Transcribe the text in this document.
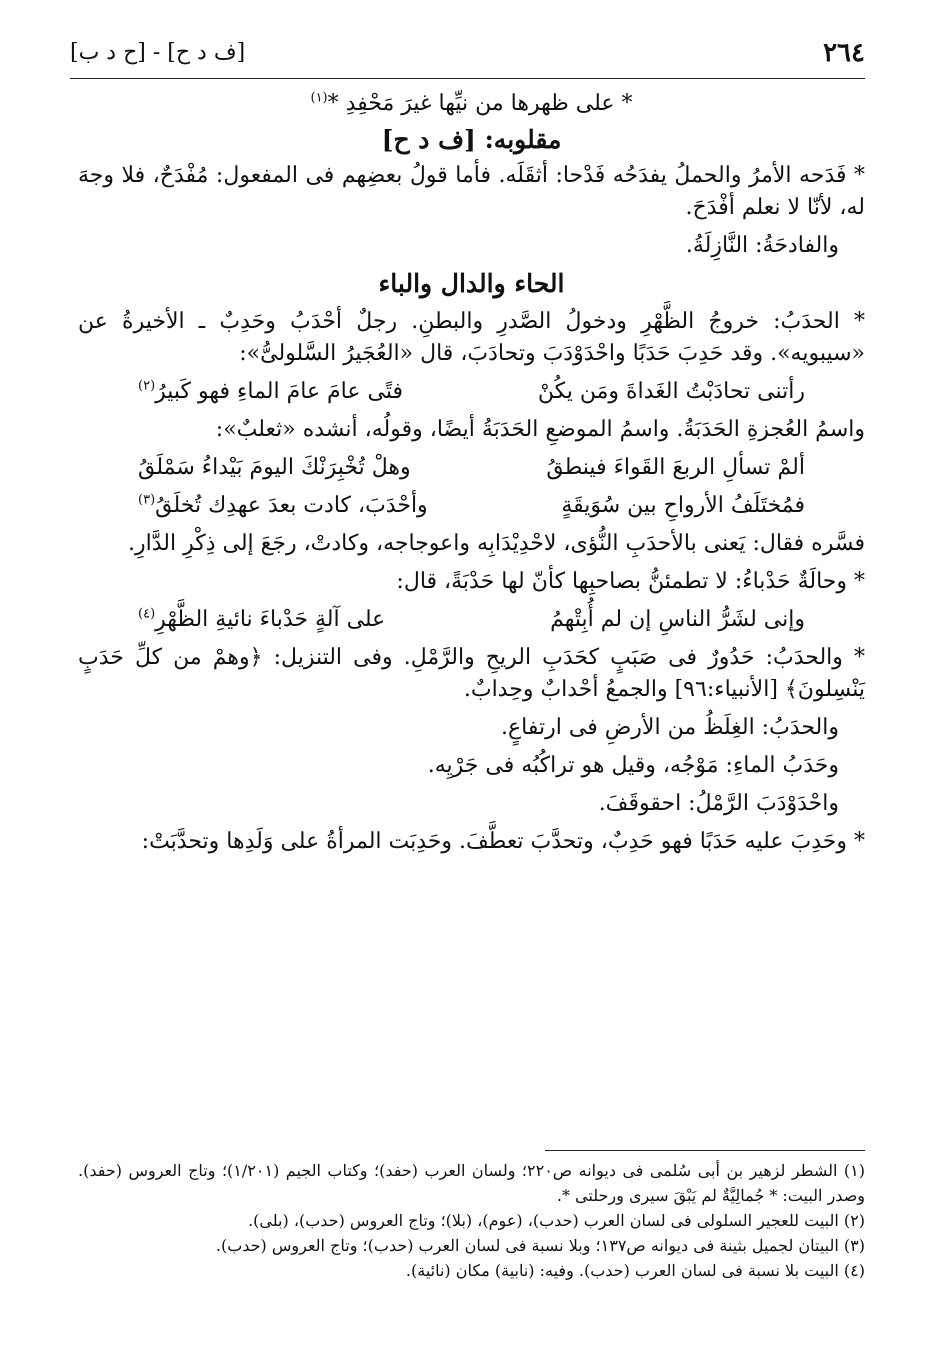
٢٦٤
[ف د ح] - [ح د ب]

* على ظهرها من نيِّها غيرَ مَحْفِدِ *$^{(١)}$

مقلوبه: [ف د ح]

* فَدَحه الأمرُ والحملُ يفدَحُه فَدْحا: أثقَلَه. فأما قولُ بعضِهم فى المفعول: مُفْدَحٌ، فلا وجهَ له، لأنّا لا نعلم أفْدَحَ.

والفادحَةُ: النَّازِلَةُ.

الحاء والدال والباء

* الحدَبُ: خروجُ الظَّهْرِ ودخولُ الصَّدرِ والبطنِ. رجلٌ أحْدَبُ وحَدِبٌ ـ الأخيرةُ عن «سيبويه». وقد حَدِبَ حَدَبًا واحْدَوْدَبَ وتحادَبَ، قال «العُجَيرُ السَّلولىُّ»:

رأتنى تحادَبْتُ الغَداةَ ومَن يكُنْ
فتًى عامَ عامَ الماءِ فهو كَبيرُ$^{(٢)}$

واسمُ العُجزةِ الحَدَبَةُ. واسمُ الموضعِ الحَدَبَةُ أيضًا، وقولُه، أنشده «ثعلبٌ»:

ألمْ تسألِ الربعَ القَواءَ فينطقُ
وهلْ تُخْبِرَنْكَ اليومَ بَيْداءُ سَمْلَقُ

فمُختَلَفُ الأرواحِ بين سُوَيقَةٍ
وأحْدَبَ، كادت بعدَ عهدِك تُخلَقُ$^{(٣)}$

فسَّره فقال: يَعنى بالأحدَبِ النُّؤى، لاحْدِيْدَابِه واعوجاجه، وكادتْ، رجَعَ إلى ذِكْرِ الدَّارِ.

* وحالَةٌ حَدْباءُ: لا تطمئنُّ بصاحبِها كأنّ لها حَدْبَةً، قال:

وإنى لشَرُّ الناسِ إن لم أُبِتْهمُ
على آلةٍ حَدْباءَ نائيةِ الظَّهْرِ$^{(٤)}$

* والحدَبُ: حَدُورٌ فى صَبَبٍ كحَدَبِ الريحِ والرَّمْلِ. وفى التنزيل: ﴿وهمْ من كلِّ حَدَبٍ يَنْسِلونَ﴾ [الأنبياء:٩٦] والجمعُ أحْدابٌ وحِدابٌ.

والحدَبُ: الغِلَظُ من الأرضِ فى ارتفاعٍ.

وحَدَبُ الماءِ: مَوْجُه، وقيل هو تراكُبُه فى جَرْيِه.

واحْدَوْدَبَ الرَّمْلُ: احقوقَفَ.

* وحَدِبَ عليه حَدَبًا فهو حَدِبٌ، وتحدَّبَ تعطَّفَ. وحَدِبَت المرأةُ على وَلَدِها وتحدَّبَتْ:

(١) الشطر لزهير بن أبى سُلمى فى ديوانه ص٢٢٠؛ ولسان العرب (حفد)؛ وكتاب الجيم (١/٢٠١)؛ وتاج العروس (حفد). وصدر البيت: * جُمالِيَّةٌ لم يَبْقَ سيرى ورحلتى *.

(٢) البيت للعجير السلولى فى لسان العرب (حدب)، (عوم)، (بلا)؛ وتاج العروس (حدب)، (بلى).

(٣) البيتان لجميل بثينة فى ديوانه ص١٣٧؛ وبلا نسبة فى لسان العرب (حدب)؛ وتاج العروس (حدب).

(٤) البيت بلا نسبة فى لسان العرب (حدب). وفيه: (نابية) مكان (نائية).
